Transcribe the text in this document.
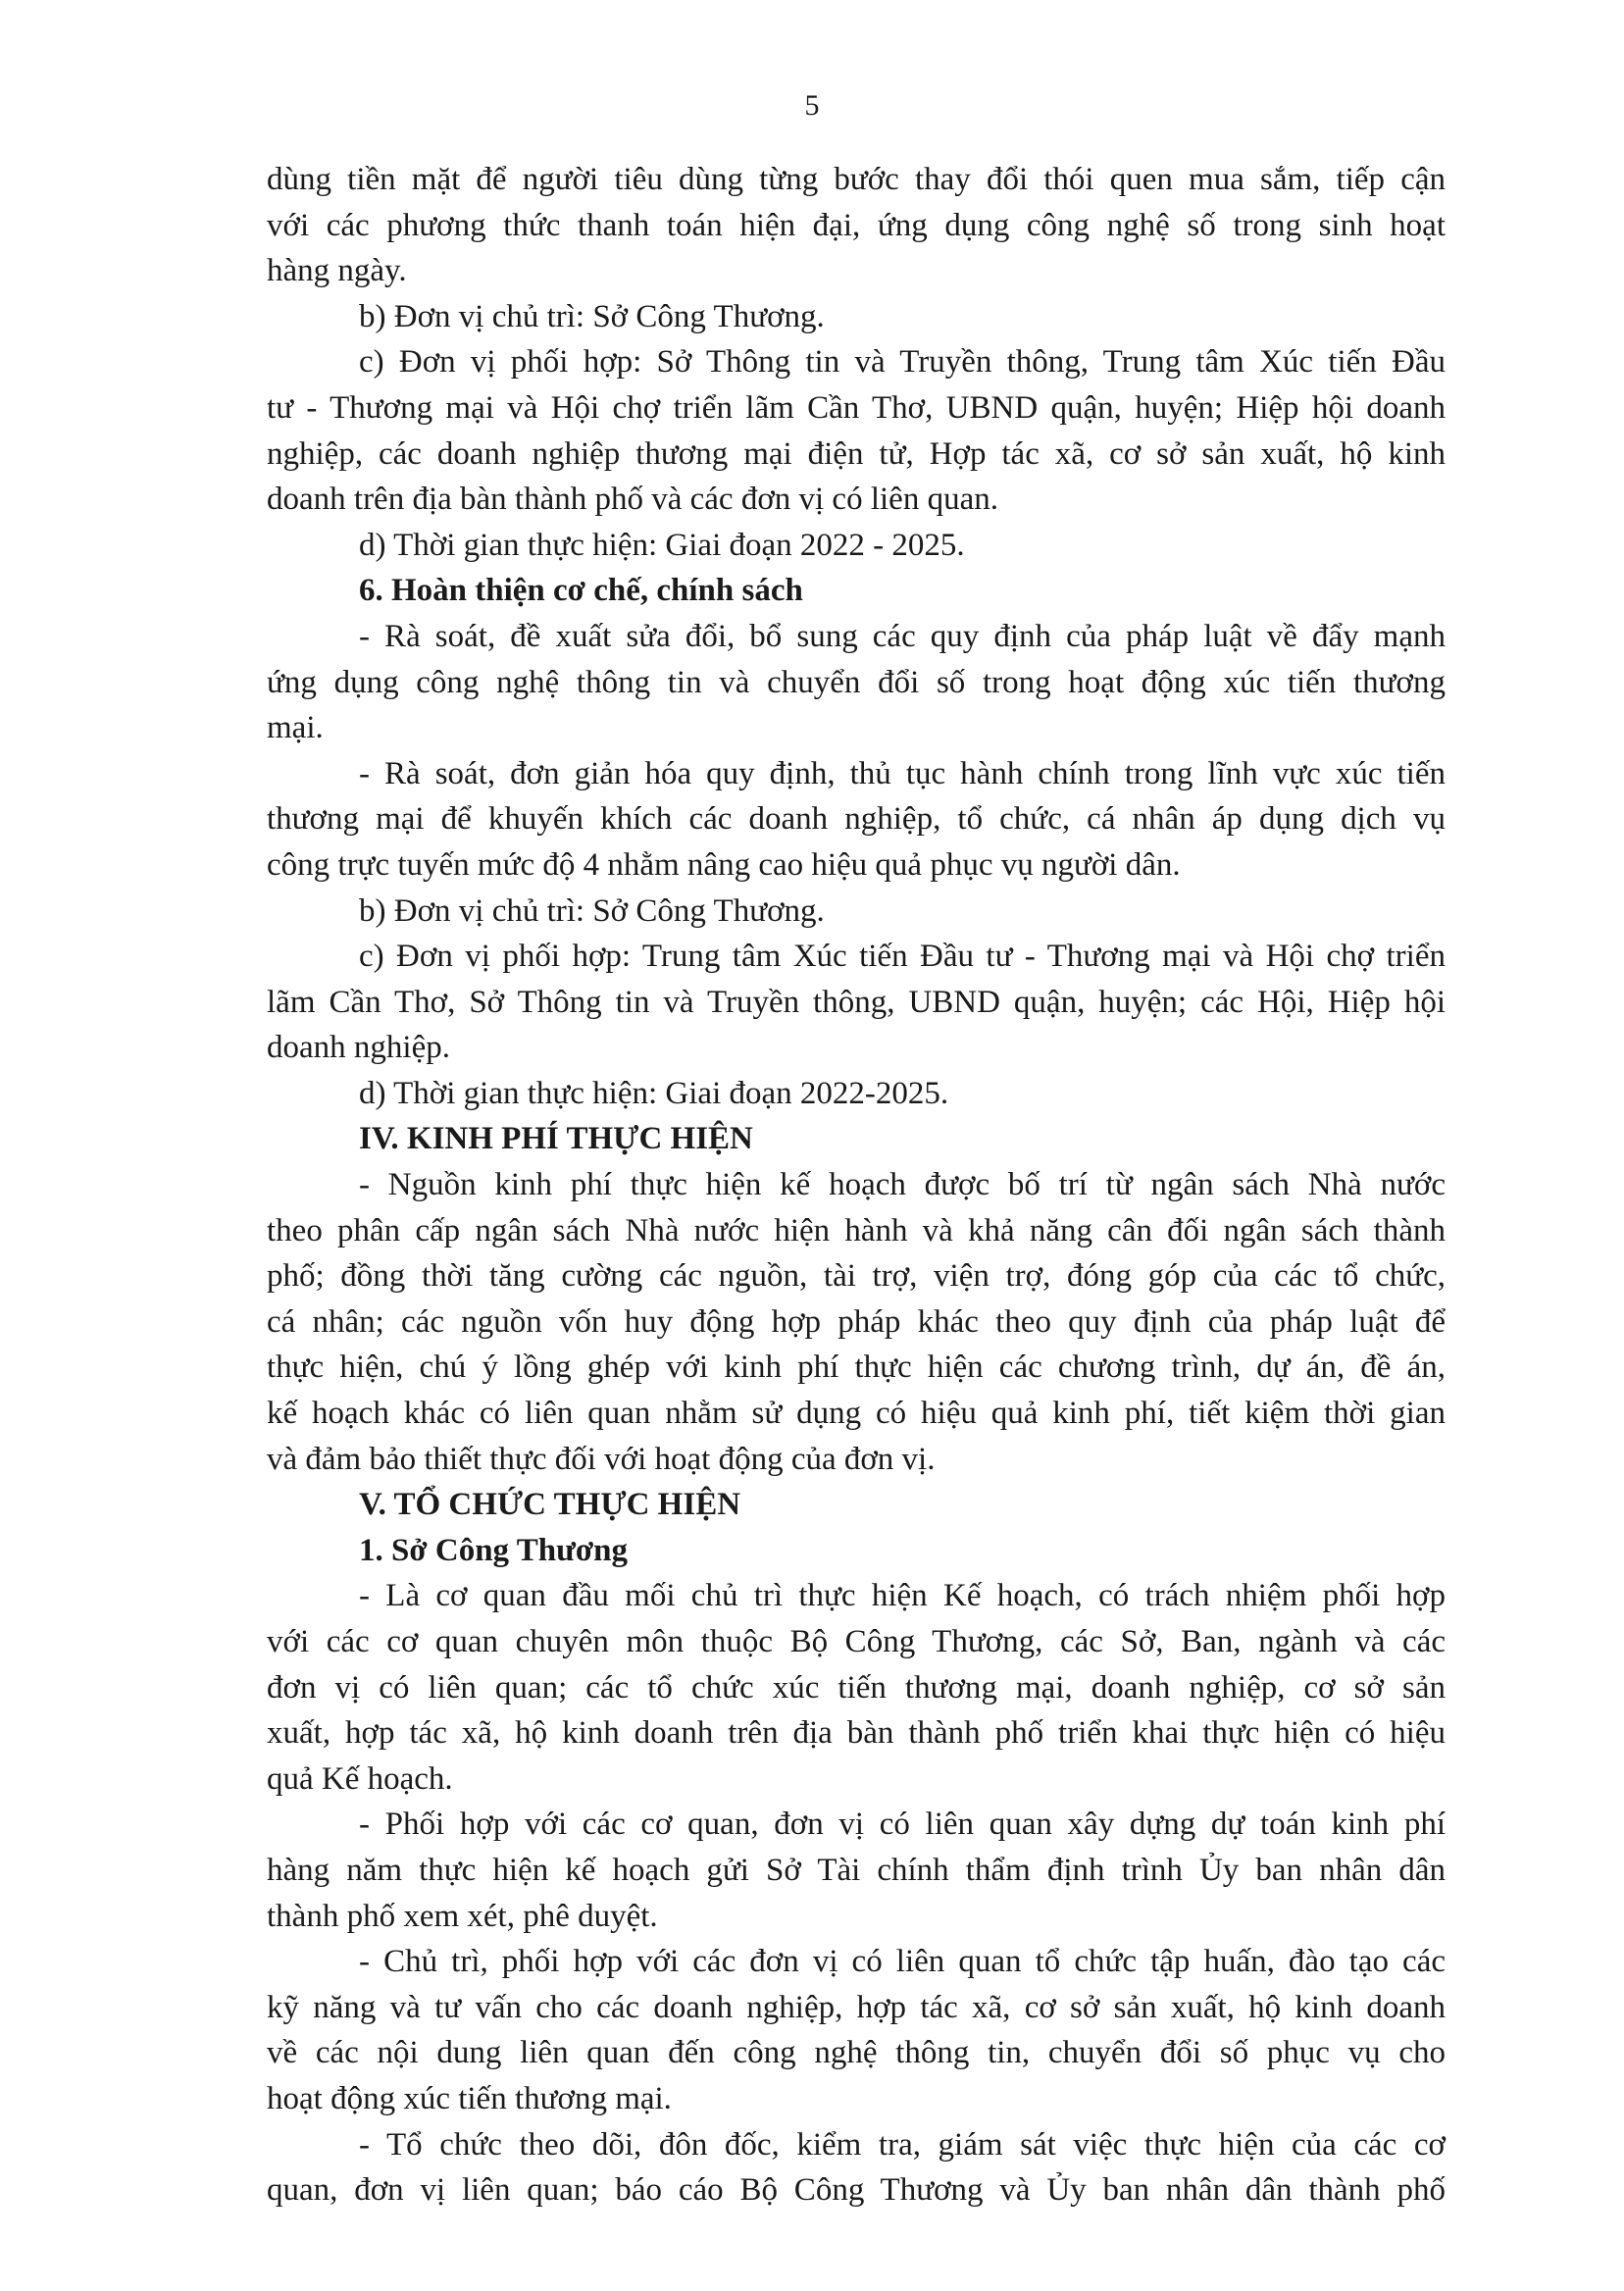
5
dùng tiền mặt để người tiêu dùng từng bước thay đổi thói quen mua sắm, tiếp cận
với các phương thức thanh toán hiện đại, ứng dụng công nghệ số trong sinh hoạt
hàng ngày.
b) Đơn vị chủ trì: Sở Công Thương.
c) Đơn vị phối hợp: Sở Thông tin và Truyền thông, Trung tâm Xúc tiến Đầu
tư - Thương mại và Hội chợ triển lãm Cần Thơ, UBND quận, huyện; Hiệp hội doanh
nghiệp, các doanh nghiệp thương mại điện tử, Hợp tác xã, cơ sở sản xuất, hộ kinh
doanh trên địa bàn thành phố và các đơn vị có liên quan.
d) Thời gian thực hiện: Giai đoạn 2022 - 2025.
6. Hoàn thiện cơ chế, chính sách
- Rà soát, đề xuất sửa đổi, bổ sung các quy định của pháp luật về đẩy mạnh
ứng dụng công nghệ thông tin và chuyển đổi số trong hoạt động xúc tiến thương
mại.
- Rà soát, đơn giản hóa quy định, thủ tục hành chính trong lĩnh vực xúc tiến
thương mại để khuyến khích các doanh nghiệp, tổ chức, cá nhân áp dụng dịch vụ
công trực tuyến mức độ 4 nhằm nâng cao hiệu quả phục vụ người dân.
b) Đơn vị chủ trì: Sở Công Thương.
c) Đơn vị phối hợp: Trung tâm Xúc tiến Đầu tư - Thương mại và Hội chợ triển
lãm Cần Thơ, Sở Thông tin và Truyền thông, UBND quận, huyện; các Hội, Hiệp hội
doanh nghiệp.
d) Thời gian thực hiện: Giai đoạn 2022-2025.
IV. KINH PHÍ THỰC HIỆN
- Nguồn kinh phí thực hiện kế hoạch được bố trí từ ngân sách Nhà nước
theo phân cấp ngân sách Nhà nước hiện hành và khả năng cân đối ngân sách thành
phố; đồng thời tăng cường các nguồn, tài trợ, viện trợ, đóng góp của các tổ chức,
cá nhân; các nguồn vốn huy động hợp pháp khác theo quy định của pháp luật để
thực hiện, chú ý lồng ghép với kinh phí thực hiện các chương trình, dự án, đề án,
kế hoạch khác có liên quan nhằm sử dụng có hiệu quả kinh phí, tiết kiệm thời gian
và đảm bảo thiết thực đối với hoạt động của đơn vị.
V. TỔ CHỨC THỰC HIỆN
1. Sở Công Thương
- Là cơ quan đầu mối chủ trì thực hiện Kế hoạch, có trách nhiệm phối hợp
với các cơ quan chuyên môn thuộc Bộ Công Thương, các Sở, Ban, ngành và các
đơn vị có liên quan; các tổ chức xúc tiến thương mại, doanh nghiệp, cơ sở sản
xuất, hợp tác xã, hộ kinh doanh trên địa bàn thành phố triển khai thực hiện có hiệu
quả Kế hoạch.
- Phối hợp với các cơ quan, đơn vị có liên quan xây dựng dự toán kinh phí
hàng năm thực hiện kế hoạch gửi Sở Tài chính thẩm định trình Ủy ban nhân dân
thành phố xem xét, phê duyệt.
- Chủ trì, phối hợp với các đơn vị có liên quan tổ chức tập huấn, đào tạo các
kỹ năng và tư vấn cho các doanh nghiệp, hợp tác xã, cơ sở sản xuất, hộ kinh doanh
về các nội dung liên quan đến công nghệ thông tin, chuyển đổi số phục vụ cho
hoạt động xúc tiến thương mại.
- Tổ chức theo dõi, đôn đốc, kiểm tra, giám sát việc thực hiện của các cơ
quan, đơn vị liên quan; báo cáo Bộ Công Thương và Ủy ban nhân dân thành phố
